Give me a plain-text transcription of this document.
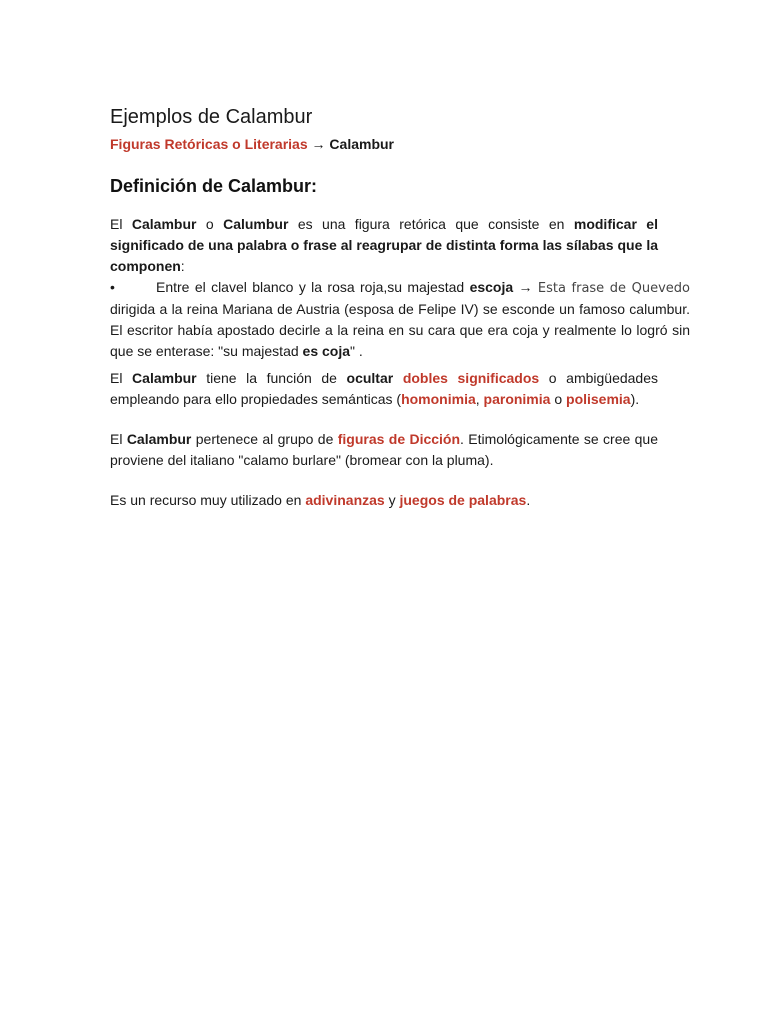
Ejemplos de Calambur
Figuras Retóricas o Literarias → Calambur
Definición de Calambur:

El Calambur o Calumbur es una figura retórica que consiste en modificar el significado de una palabra o frase al reagrupar de distinta forma las sílabas que la componen:

•	Entre el clavel blanco y la rosa roja,su majestad escoja → Esta frase de Quevedo dirigida a la reina Mariana de Austria (esposa de Felipe IV) se esconde un famoso calumbur. El escritor había apostado decirle a la reina en su cara que era coja y realmente lo logró sin que se enterase: "su majestad es coja" .

El Calambur tiene la función de ocultar dobles significados o ambigüedades empleando para ello propiedades semánticas (homonimia, paronimia o polisemia).

El Calambur pertenece al grupo de figuras de Dicción. Etimológicamente se cree que proviene del italiano "calamo burlare" (bromear con la pluma).

Es un recurso muy utilizado en adivinanzas y juegos de palabras.
